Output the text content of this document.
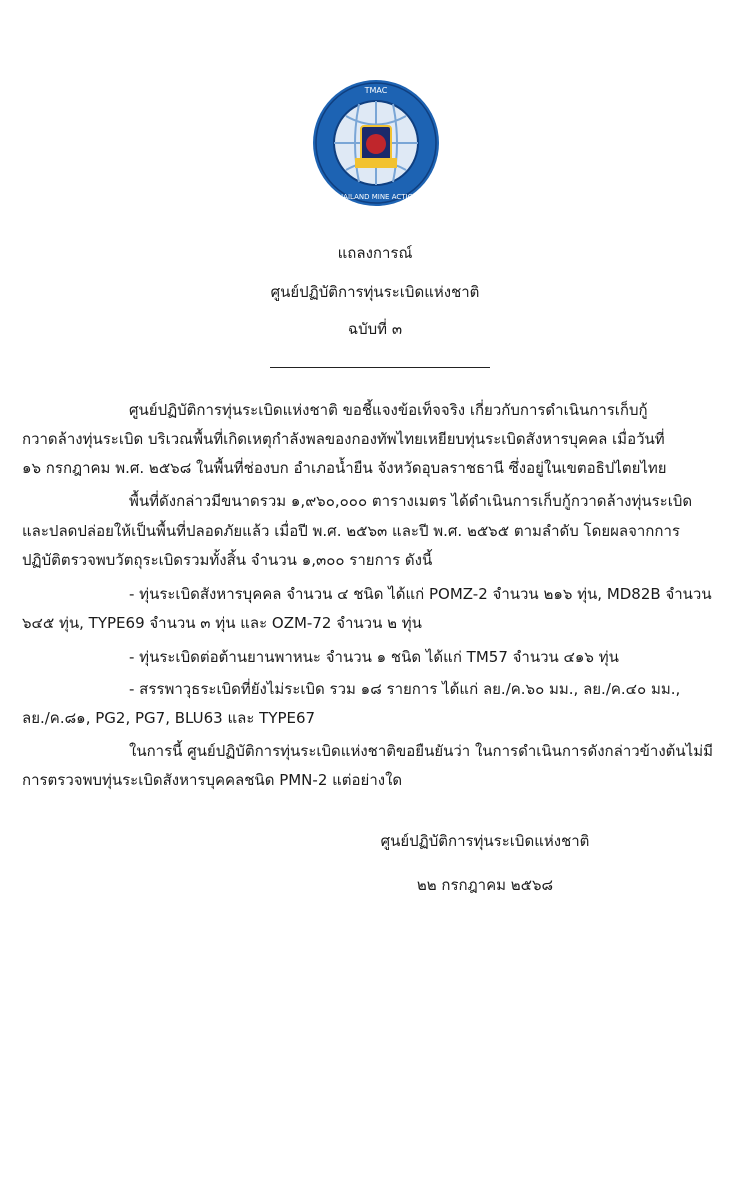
TMAC
THAILAND MINE ACTION
แถลงการณ์
ศูนย์ปฏิบัติการทุ่นระเบิดแห่งชาติ
ฉบับที่ ๓
ศูนย์ปฏิบัติการทุ่นระเบิดแห่งชาติ ขอชี้แจงข้อเท็จจริง เกี่ยวกับการดำเนินการเก็บกู้
กวาดล้างทุ่นระเบิด บริเวณพื้นที่เกิดเหตุกำลังพลของกองทัพไทยเหยียบทุ่นระเบิดสังหารบุคคล เมื่อวันที่
๑๖ กรกฎาคม พ.ศ. ๒๕๖๘ ในพื้นที่ช่องบก อำเภอน้ำยืน จังหวัดอุบลราชธานี ซึ่งอยู่ในเขตอธิปไตยไทย
พื้นที่ดังกล่าวมีขนาดรวม ๑,๙๖๐,๐๐๐ ตารางเมตร ได้ดำเนินการเก็บกู้กวาดล้างทุ่นระเบิด
และปลดปล่อยให้เป็นพื้นที่ปลอดภัยแล้ว เมื่อปี พ.ศ. ๒๕๖๓ และปี พ.ศ. ๒๕๖๕ ตามลำดับ โดยผลจากการ
ปฏิบัติตรวจพบวัตถุระเบิดรวมทั้งสิ้น จำนวน ๑,๓๐๐ รายการ ดังนี้
- ทุ่นระเบิดสังหารบุคคล จำนวน ๔ ชนิด ได้แก่ POMZ-2 จำนวน ๒๑๖ ทุ่น, MD82B จำนวน
๖๔๕ ทุ่น, TYPE69 จำนวน ๓ ทุ่น และ OZM-72 จำนวน ๒ ทุ่น
- ทุ่นระเบิดต่อต้านยานพาหนะ จำนวน ๑ ชนิด ได้แก่ TM57 จำนวน ๔๑๖ ทุ่น
- สรรพาวุธระเบิดที่ยังไม่ระเบิด รวม ๑๘ รายการ ได้แก่ ลย./ค.๖๐ มม., ลย./ค.๔๐ มม.,
ลย./ค.๘๑, PG2, PG7, BLU63 และ TYPE67
ในการนี้ ศูนย์ปฏิบัติการทุ่นระเบิดแห่งชาติขอยืนยันว่า ในการดำเนินการดังกล่าวข้างต้นไม่มี
การตรวจพบทุ่นระเบิดสังหารบุคคลชนิด PMN-2 แต่อย่างใด
ศูนย์ปฏิบัติการทุ่นระเบิดแห่งชาติ
๒๒ กรกฎาคม ๒๕๖๘
